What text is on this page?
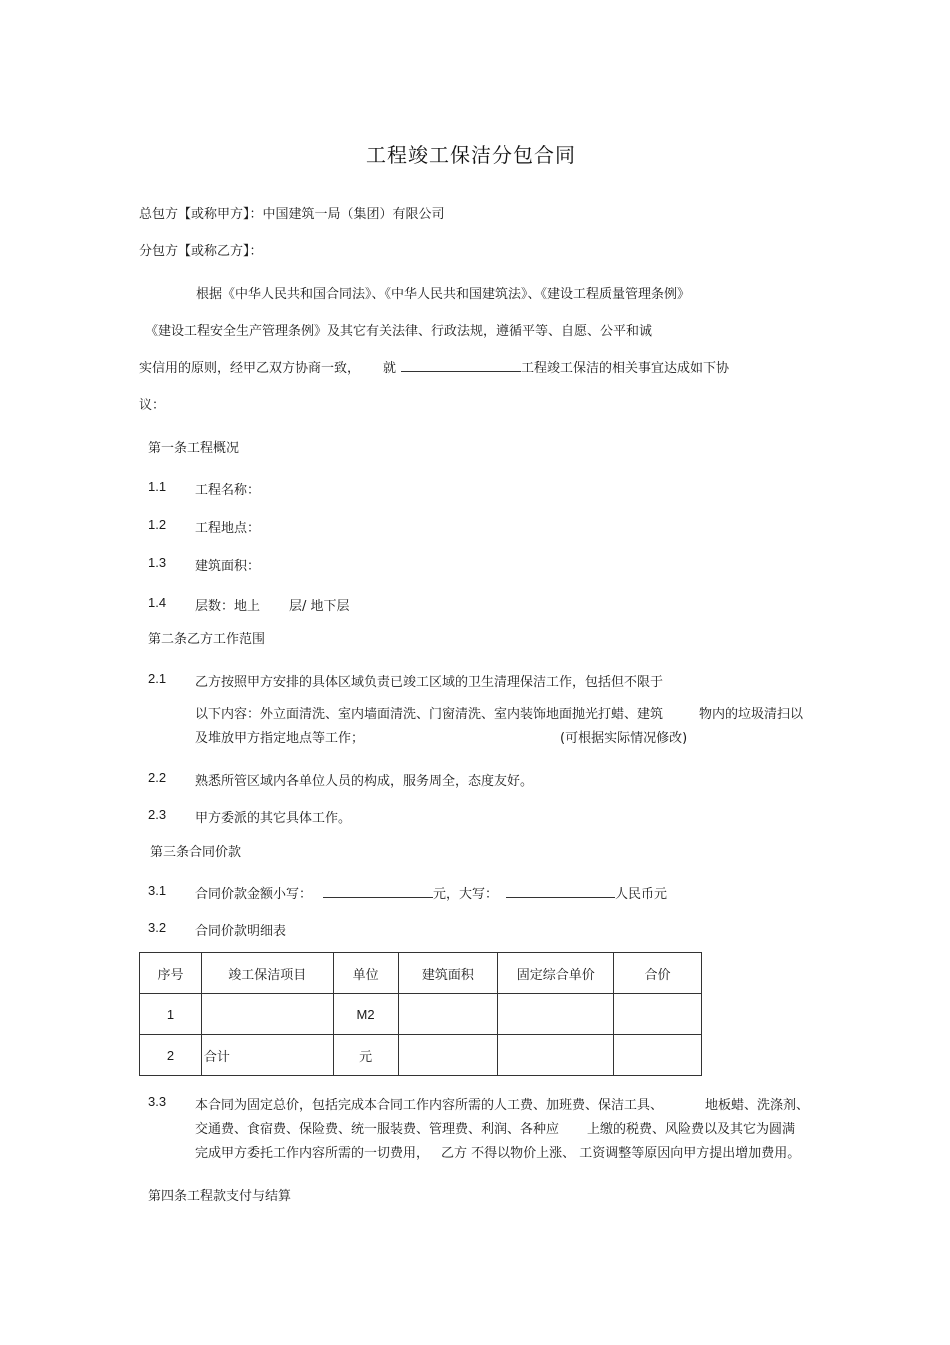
工程竣工保洁分包合同
总包方【或称甲方】：中国建筑一局（集团）有限公司
分包方【或称乙方】：
根据《中华人民共和国合同法》、《中华人民共和国建筑法》、《建设工程质量管理条例》
《建设工程安全生产管理条例》及其它有关法律、行政法规，遵循平等、自愿、公平和诚
实信用的原则，经甲乙双方协商一致， 就	工程竣工保洁的相关事宜达成如下协
议：
第一条工程概况
1.1 工程名称：
1.2 工程地点：
1.3 建筑面积：
1.4 层数：地上 层/ 地下层
第二条乙方工作范围
2.1 乙方按照甲方安排的具体区域负责已竣工区域的卫生清理保洁工作，包括但不限于
以下内容：外立面清洗、室内墙面清洗、门窗清洗、室内装饰地面抛光打蜡、建筑	物内的垃圾清扫以
及堆放甲方指定地点等工作；	(可根据实际情况修改)
2.2 熟悉所管区域内各单位人员的构成，服务周全，态度友好。
2.3 甲方委派的其它具体工作。
第三条合同价款
3.1 合同价款金额小写：	元，大写：	人民币元
3.2 合同价款明细表
序号	竣工保洁项目	单位	建筑面积	固定综合单价	合价
1		M2			
2	合计	元			
3.3 本合同为固定总价，包括完成本合同工作内容所需的人工费、加班费、保洁工具、	地板蜡、洗涤剂、
交通费、食宿费、保险费、统一服装费、管理费、利润、各种应 上缴的税费、风险费以及其它为圆满
完成甲方委托工作内容所需的一切费用， 乙方 不得以物价上涨、 工资调整等原因向甲方提出增加费用。
第四条工程款支付与结算
